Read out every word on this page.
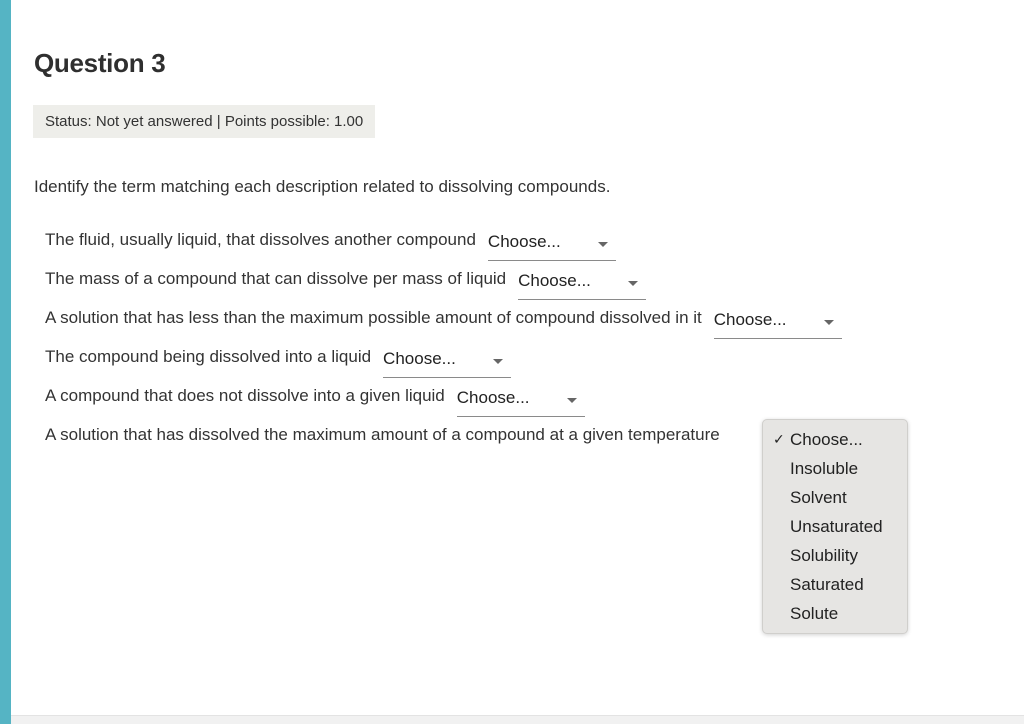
Question 3
Status: Not yet answered | Points possible: 1.00
Identify the term matching each description related to dissolving compounds.
The fluid, usually liquid, that dissolves another compound Choose...
The mass of a compound that can dissolve per mass of liquid Choose...
A solution that has less than the maximum possible amount of compound dissolved in it Choose...
The compound being dissolved into a liquid Choose...
A compound that does not dissolve into a given liquid Choose...
A solution that has dissolved the maximum amount of a compound at a given temperature	✓ Choose...
Insoluble
Solvent
Unsaturated
Solubility
Saturated
Solute
